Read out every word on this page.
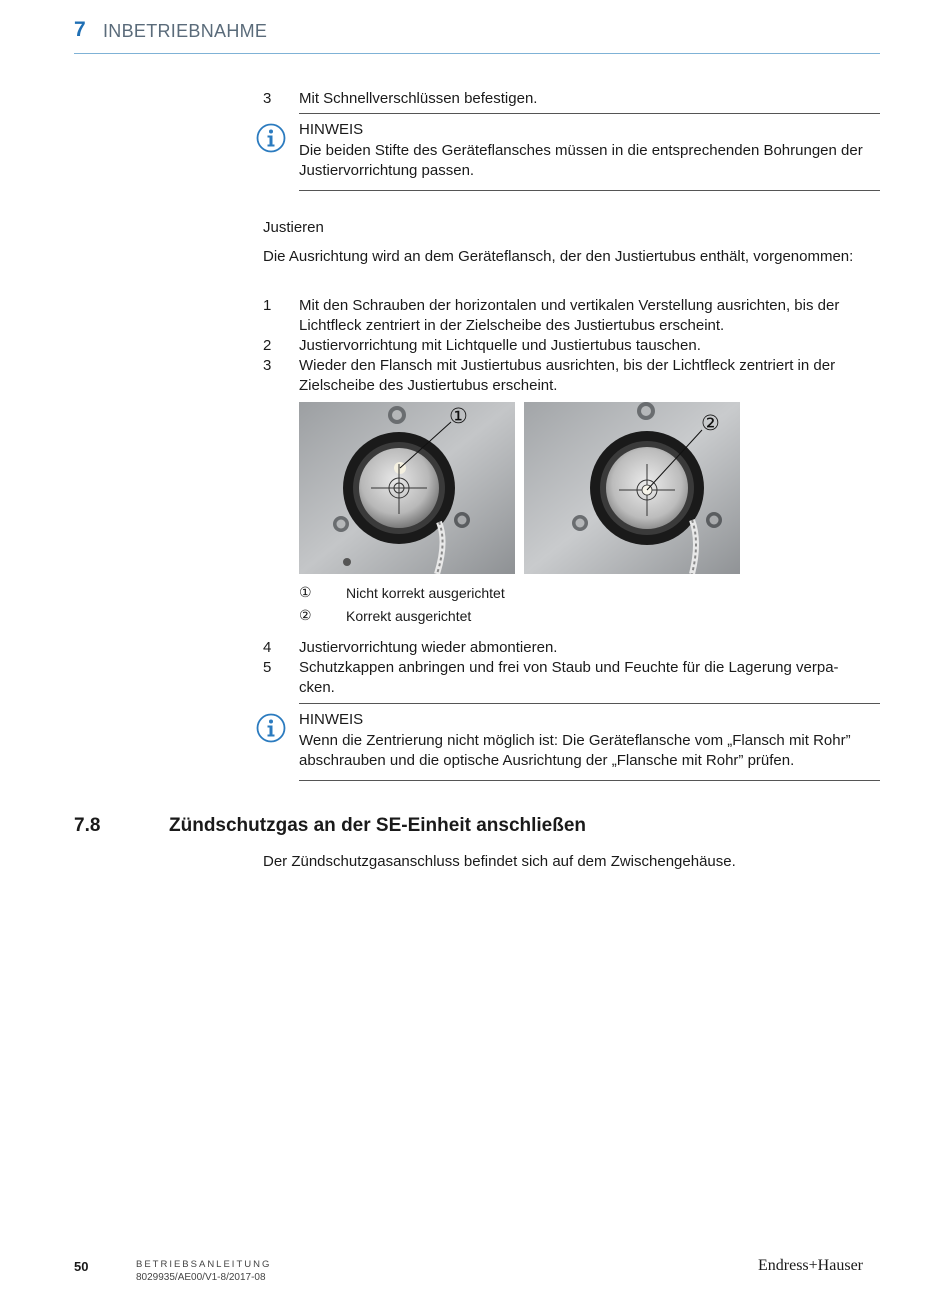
7 INBETRIEBNAHME
3 Mit Schnellverschlüssen befestigen.
HINWEIS
Die beiden Stifte des Geräteflansches müssen in die entsprechenden Bohrungen der Justiervorrichtung passen.
Justieren
Die Ausrichtung wird an dem Geräteflansch, der den Justiertubus enthält, vorgenommen:
1 Mit den Schrauben der horizontalen und vertikalen Verstellung ausrichten, bis der Lichtfleck zentriert in der Zielscheibe des Justiertubus erscheint.
2 Justiervorrichtung mit Lichtquelle und Justiertubus tauschen.
3 Wieder den Flansch mit Justiertubus ausrichten, bis der Lichtfleck zentriert in der Zielscheibe des Justiertubus erscheint.
①	②
① Nicht korrekt ausgerichtet
② Korrekt ausgerichtet
4 Justiervorrichtung wieder abmontieren.
5 Schutzkappen anbringen und frei von Staub und Feuchte für die Lagerung verpacken.
HINWEIS
Wenn die Zentrierung nicht möglich ist: Die Geräteflansche vom „Flansch mit Rohr” abschrauben und die optische Ausrichtung der „Flansche mit Rohr” prüfen.
7.8	Zündschutzgas an der SE-Einheit anschließen
Der Zündschutzgasanschluss befindet sich auf dem Zwischengehäuse.
50	BETRIEBSANLEITUNG
8029935/AE00/V1-8/2017-08
Endress+Hauser
